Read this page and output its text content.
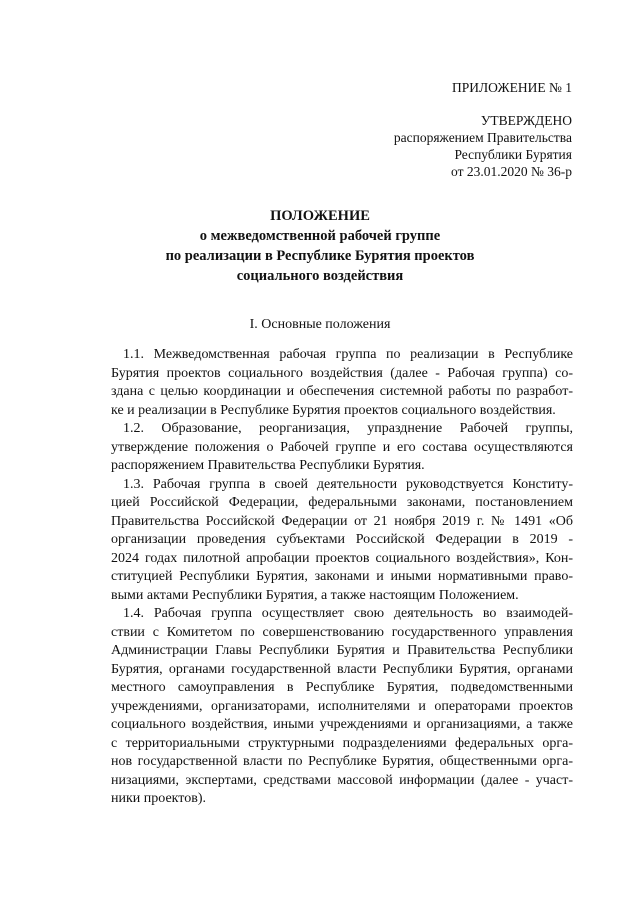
ПРИЛОЖЕНИЕ № 1
УТВЕРЖДЕНО
распоряжением Правительства
Республики Бурятия
от 23.01.2020 № 36-р
ПОЛОЖЕНИЕ
о межведомственной рабочей группе
по реализации в Республике Бурятия проектов
социального воздействия
I. Основные положения
1.1. Межведомственная рабочая группа по реализации в Республике
Бурятия проектов социального воздействия (далее - Рабочая группа) со-
здана с целью координации и обеспечения системной работы по разработ-
ке и реализации в Республике Бурятия проектов социального воздействия.
1.2. Образование, реорганизация, упразднение Рабочей группы,
утверждение положения о Рабочей группе и его состава осуществляются
распоряжением Правительства Республики Бурятия.
1.3. Рабочая группа в своей деятельности руководствуется Конститу-
цией Российской Федерации, федеральными законами, постановлением
Правительства Российской Федерации от 21 ноября 2019 г. № 1491 «Об
организации проведения субъектами Российской Федерации в 2019 -
2024 годах пилотной апробации проектов социального воздействия», Кон-
ституцией Республики Бурятия, законами и иными нормативными право-
выми актами Республики Бурятия, а также настоящим Положением.
1.4. Рабочая группа осуществляет свою деятельность во взаимодей-
ствии с Комитетом по совершенствованию государственного управления
Администрации Главы Республики Бурятия и Правительства Республики
Бурятия, органами государственной власти Республики Бурятия, органами
местного самоуправления в Республике Бурятия, подведомственными
учреждениями, организаторами, исполнителями и операторами проектов
социального воздействия, иными учреждениями и организациями, а также
с территориальными структурными подразделениями федеральных орга-
нов государственной власти по Республике Бурятия, общественными орга-
низациями, экспертами, средствами массовой информации (далее - участ-
ники проектов).
